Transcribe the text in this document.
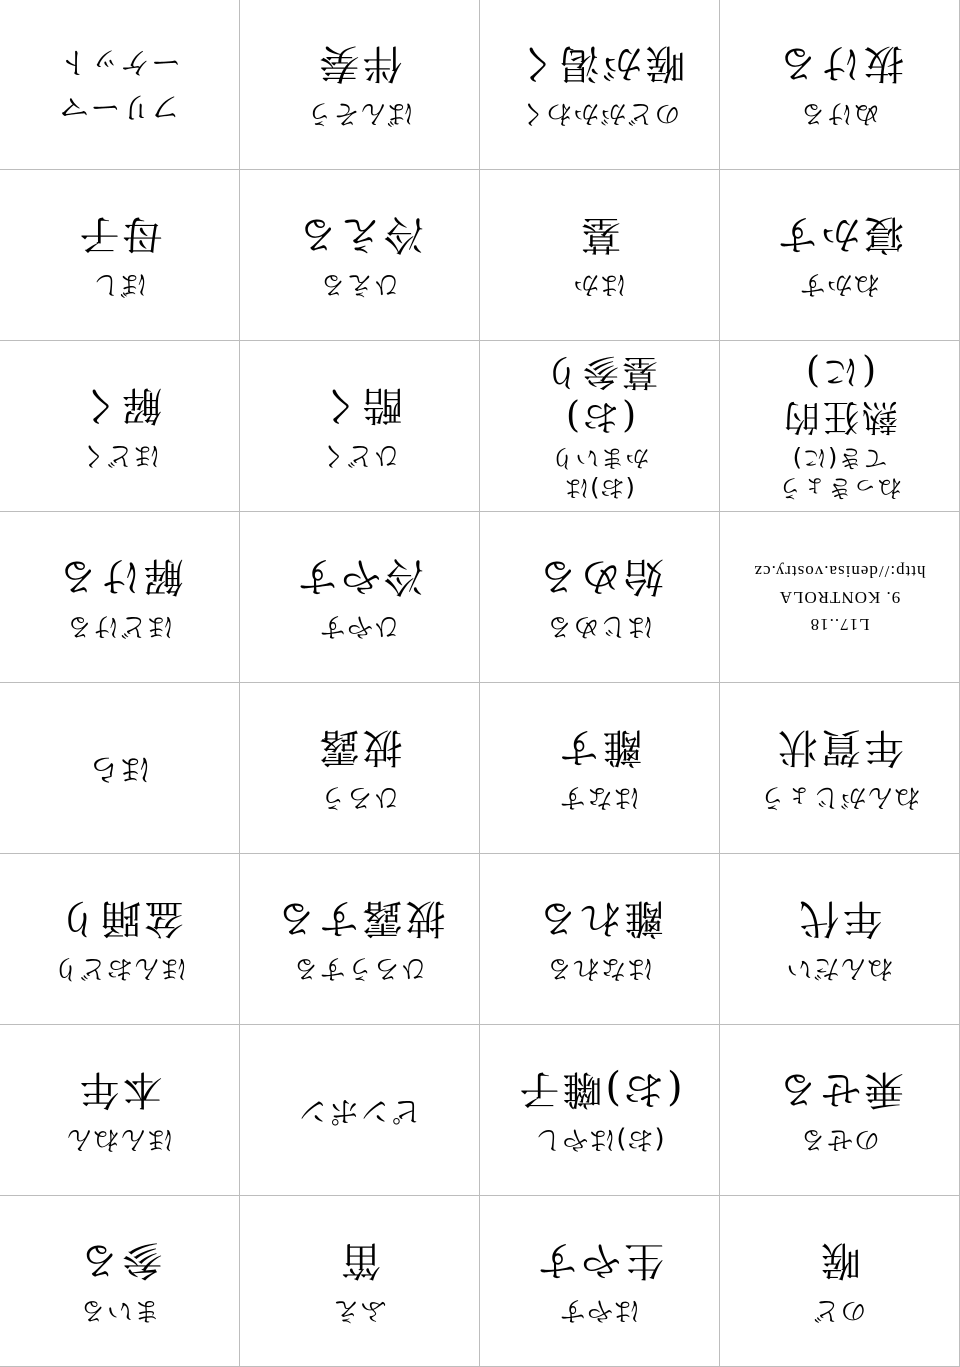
のど
喉
はやす
生やす
ふえ
笛
まいる
参る
のせる
乗せる
(お)はやし
(お)囃子
ピンポン
ほんねん
本年
ねんだい
年代
はなれる
離れる
ひろうする
披露する
ほんおどり
盆踊り
ねんがじょう
年賀状
はなす
離す
ひろう
披露
ほら
L17..18
9. KONTROLA
http://denisa.vostry.cz
はじめる
始める
ひやす
冷やす
ほどける
解ける
ねっきょう
てき(に)
熱狂的
(に)
(お)は
かまいり
(お)
墓参り
ひどく
酷く
ほどく
解く
ねかす
寝かす
はか
墓
ひえる
冷える
ぼし
母子
ぬける
抜ける
のどがかわく
喉が渇く
ばんそう
伴奏
フリーマ
ーケット
